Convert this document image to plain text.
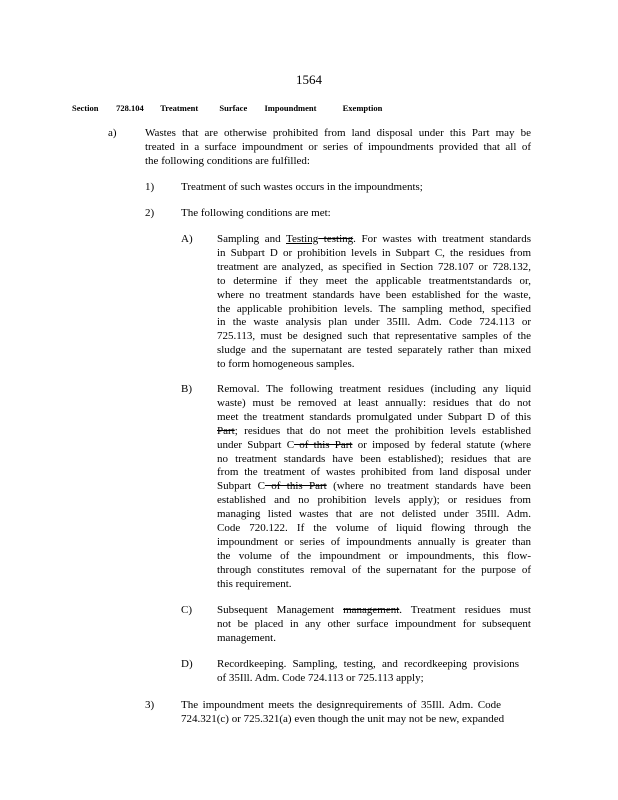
1564
Section 728.104 Treatment Surface Impoundment	Exemption
a)	Wastes that are otherwise prohibited from land disposal under this Part may be
treated in a surface impoundment or series of impoundments provided that all of
the following conditions are fulfilled:
1) Treatment of such wastes occurs in the impoundments;
2) The following conditions are met:
A) Sampling and Testing testing. For wastes with treatment standards
in Subpart D or prohibition levels in Subpart C, the residues from
treatment are analyzed, as specified in Section 728.107 or 728.132,
to determine if they meet the applicable treatmentstandards or,
where no treatment standards have been established for the waste,
the applicable prohibition levels. The sampling method, specified
in the waste analysis plan under 35Ill. Adm. Code 724.113 or
725.113, must be designed such that representative samples of the
sludge and the supernatant are tested separately rather than mixed
to form homogeneous samples.
B) Removal. The following treatment residues (including any liquid
waste) must be removed at least annually: residues that do not
meet the treatment standards promulgated under Subpart D of this
Part; residues that do not meet the prohibition levels established
under Subpart C of this Part or imposed by federal statute (where
no treatment standards have been established); residues that are
from the treatment of wastes prohibited from land disposal under
Subpart C of this Part (where no treatment standards have been
established and no prohibition levels apply); or residues from
managing listed wastes that are not delisted under 35Ill. Adm.
Code 720.122. If the volume of liquid flowing through the
impoundment or series of impoundments annually is greater than
the volume of the impoundment or impoundments, this flow-
through constitutes removal of the supernatant for the purpose of
this requirement.
C) Subsequent Management management. Treatment residues must
not be placed in any other surface impoundment for subsequent
management.
D) Recordkeeping. Sampling, testing, and recordkeeping provisions
of 35Ill. Adm. Code 724.113 or 725.113 apply;
3) The impoundment meets the designrequirements of 35Ill. Adm. Code
724.321(c) or 725.321(a) even though the unit may not be new, expanded
